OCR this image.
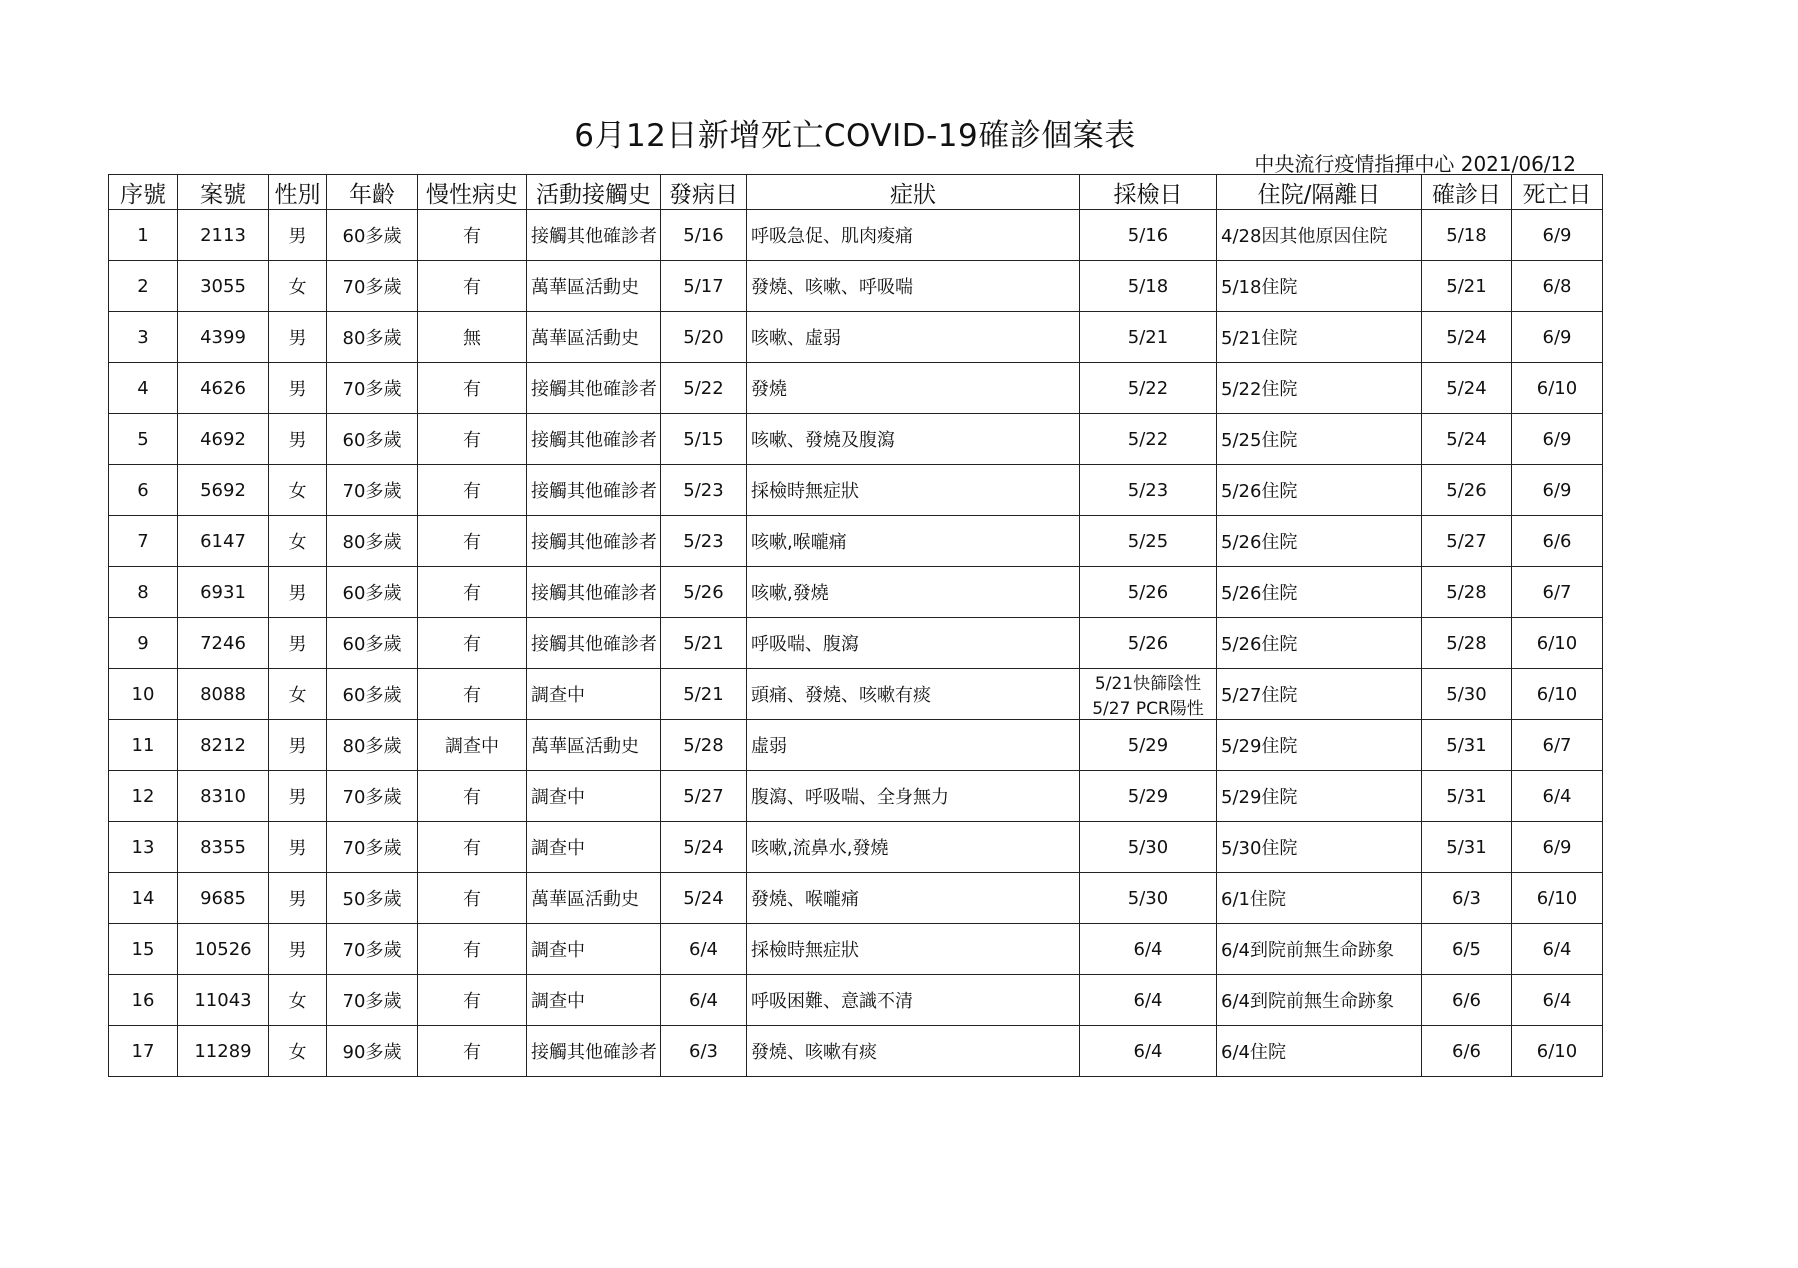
6月12日新增死亡COVID-19確診個案表
中央流行疫情指揮中心 2021/06/12
序號	案號	性別	年齡	慢性病史	活動接觸史	發病日	症狀	採檢日	住院/隔離日	確診日	死亡日
1	2113	男	60多歲	有	接觸其他確診者	5/16	呼吸急促、肌肉痠痛	5/16	4/28因其他原因住院	5/18	6/9
2	3055	女	70多歲	有	萬華區活動史	5/17	發燒、咳嗽、呼吸喘	5/18	5/18住院	5/21	6/8
3	4399	男	80多歲	無	萬華區活動史	5/20	咳嗽、虛弱	5/21	5/21住院	5/24	6/9
4	4626	男	70多歲	有	接觸其他確診者	5/22	發燒	5/22	5/22住院	5/24	6/10
5	4692	男	60多歲	有	接觸其他確診者	5/15	咳嗽、發燒及腹瀉	5/22	5/25住院	5/24	6/9
6	5692	女	70多歲	有	接觸其他確診者	5/23	採檢時無症狀	5/23	5/26住院	5/26	6/9
7	6147	女	80多歲	有	接觸其他確診者	5/23	咳嗽,喉嚨痛	5/25	5/26住院	5/27	6/6
8	6931	男	60多歲	有	接觸其他確診者	5/26	咳嗽,發燒	5/26	5/26住院	5/28	6/7
9	7246	男	60多歲	有	接觸其他確診者	5/21	呼吸喘、腹瀉	5/26	5/26住院	5/28	6/10
10	8088	女	60多歲	有	調查中	5/21	頭痛、發燒、咳嗽有痰	5/21快篩陰性
5/27 PCR陽性	5/27住院	5/30	6/10
11	8212	男	80多歲	調查中	萬華區活動史	5/28	虛弱	5/29	5/29住院	5/31	6/7
12	8310	男	70多歲	有	調查中	5/27	腹瀉、呼吸喘、全身無力	5/29	5/29住院	5/31	6/4
13	8355	男	70多歲	有	調查中	5/24	咳嗽,流鼻水,發燒	5/30	5/30住院	5/31	6/9
14	9685	男	50多歲	有	萬華區活動史	5/24	發燒、喉嚨痛	5/30	6/1住院	6/3	6/10
15	10526	男	70多歲	有	調查中	6/4	採檢時無症狀	6/4	6/4到院前無生命跡象	6/5	6/4
16	11043	女	70多歲	有	調查中	6/4	呼吸困難、意識不清	6/4	6/4到院前無生命跡象	6/6	6/4
17	11289	女	90多歲	有	接觸其他確診者	6/3	發燒、咳嗽有痰	6/4	6/4住院	6/6	6/10
